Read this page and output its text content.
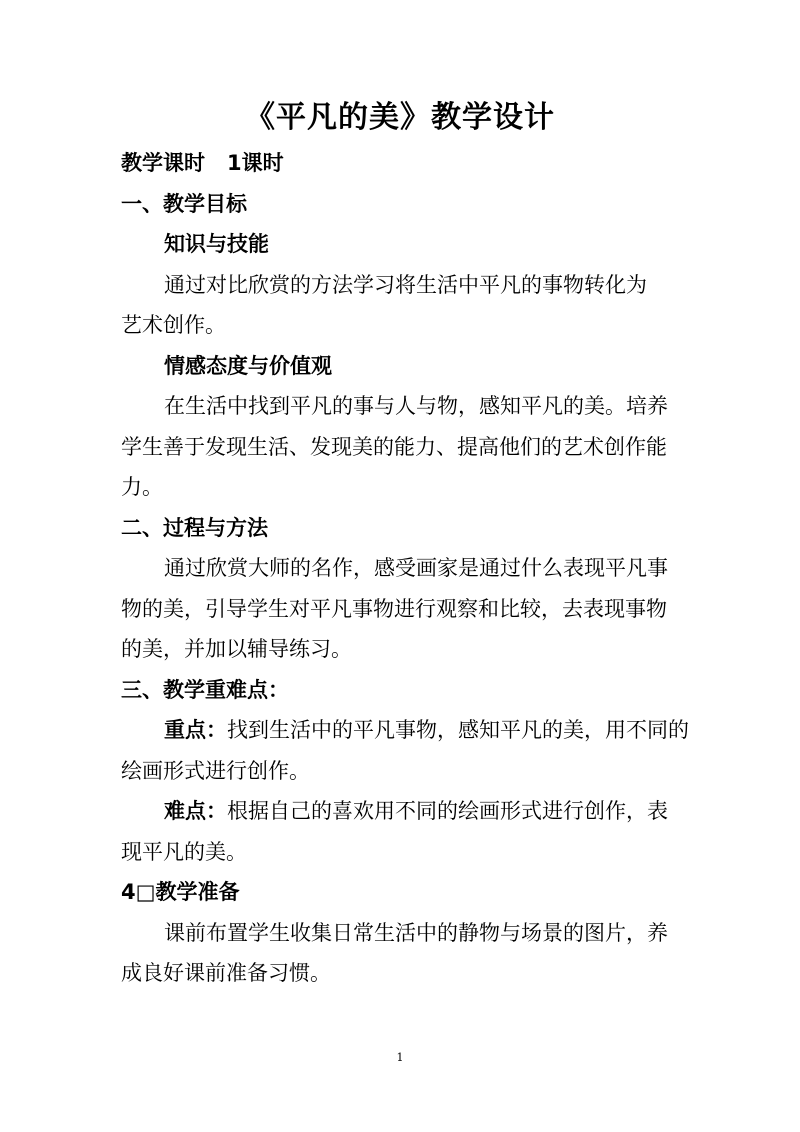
《平凡的美》教学设计
教学课时 1课时
一、教学目标
知识与技能
通过对比欣赏的方法学习将生活中平凡的事物转化为
艺术创作。
情感态度与价值观
在生活中找到平凡的事与人与物，感知平凡的美。培养
学生善于发现生活、发现美的能力、提高他们的艺术创作能
力。
二、过程与方法
通过欣赏大师的名作，感受画家是通过什么表现平凡事
物的美，引导学生对平凡事物进行观察和比较，去表现事物
的美，并加以辅导练习。
三、教学重难点：
重点：找到生活中的平凡事物，感知平凡的美，用不同的
绘画形式进行创作。
难点：根据自己的喜欢用不同的绘画形式进行创作，表
现平凡的美。
4□教学准备
课前布置学生收集日常生活中的静物与场景的图片，养
成良好课前准备习惯。
1
